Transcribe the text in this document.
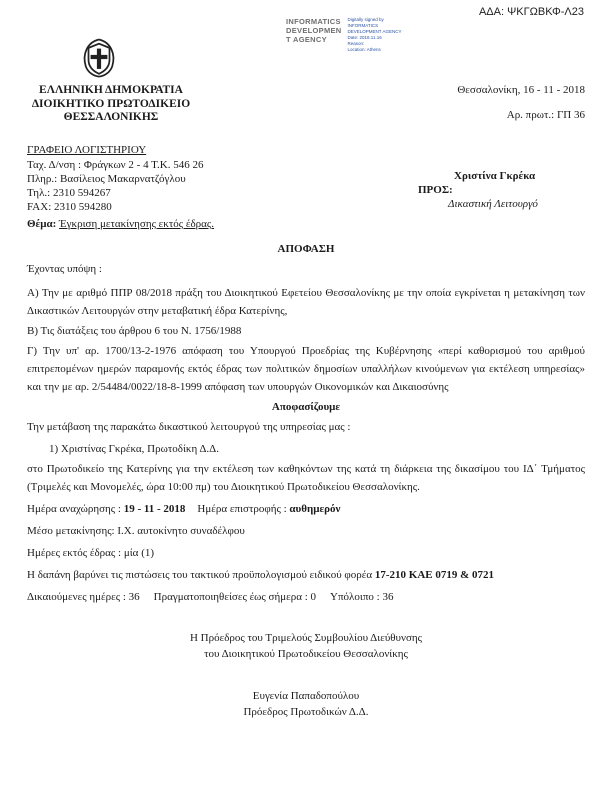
ΑΔΑ: ΨΚΓΩΒΚΦ-Λ23
INFORMATICS
DEVELOPMEN
T AGENCY
Digitally signed by
INFORMATICS
DEVELOPMENT AGENCY
Date: 2018.11.16
Reason:
Location: Athens
ΕΛΛΗΝΙΚΗ ΔΗΜΟΚΡΑΤΙΑ
ΔΙΟΙΚΗΤΙΚΟ ΠΡΩΤΟΔΙΚΕΙΟ
ΘΕΣΣΑΛΟΝΙΚΗΣ
Θεσσαλονίκη, 16 - 11 - 2018
Αρ. πρωτ.: ΓΠ 36
ΓΡΑΦΕΙΟ ΛΟΓΙΣΤΗΡΙΟΥ
Ταχ. Δ/νση : Φράγκων 2 - 4 Τ.Κ. 546 26
Πληρ.: Βασίλειος Μακαρνατζόγλου
Τηλ.: 2310 594267
FAX: 2310 594280
Χριστίνα Γκρέκα
ΠΡΟΣ:
Δικαστική Λειτουργό
Θέμα: Έγκριση μετακίνησης εκτός έδρας.

ΑΠΟΦΑΣΗ

Έχοντας υπόψη :

Α) Την με αριθμό ΠΠΡ 08/2018 πράξη του Διοικητικού Εφετείου Θεσσαλονίκης με την οποία εγκρίνεται η μετακίνηση των Δικαστικών Λειτουργών στην μεταβατική έδρα Κατερίνης,

Β) Τις διατάξεις του άρθρου 6 του Ν. 1756/1988

Γ) Την υπ' αρ. 1700/13-2-1976 απόφαση του Υπουργού Προεδρίας της Κυβέρνησης «περί καθορισμού του αριθμού επιτρεπομένων ημερών παραμονής εκτός έδρας των πολιτικών δημοσίων υπαλλήλων κινούμενων για εκτέλεση υπηρεσίας» και την με αρ. 2/54484/0022/18-8-1999 απόφαση των υπουργών Οικονομικών και Δικαιοσύνης

Αποφασίζουμε

Την μετάβαση της παρακάτω δικαστικού λειτουργού της υπηρεσίας μας :

1) Χριστίνας Γκρέκα, Πρωτοδίκη Δ.Δ.

στο Πρωτοδικείο της Κατερίνης για την εκτέλεση των καθηκόντων της κατά τη διάρκεια της δικασίμου του ΙΔ΄ Τμήματος (Τριμελές και Μονομελές, ώρα 10:00 πμ) του Διοικητικού Πρωτοδικείου Θεσσαλονίκης.

Ημέρα αναχώρησης : 19 - 11 - 2018 Ημέρα επιστροφής : αυθημερόν

Μέσο μετακίνησης: Ι.Χ. αυτοκίνητο συναδέλφου

Ημέρες εκτός έδρας : μία (1)

Η δαπάνη βαρύνει τις πιστώσεις του τακτικού προϋπολογισμού ειδικού φορέα 17-210 ΚΑΕ 0719 & 0721

Δικαιούμενες ημέρες : 36 Πραγματοποιηθείσες έως σήμερα : 0 Υπόλοιπο : 36

Η Πρόεδρος του Τριμελούς Συμβουλίου Διεύθυνσης
του Διοικητικού Πρωτοδικείου Θεσσαλονίκης
Ευγενία Παπαδοπούλου
Πρόεδρος Πρωτοδικών Δ.Δ.
